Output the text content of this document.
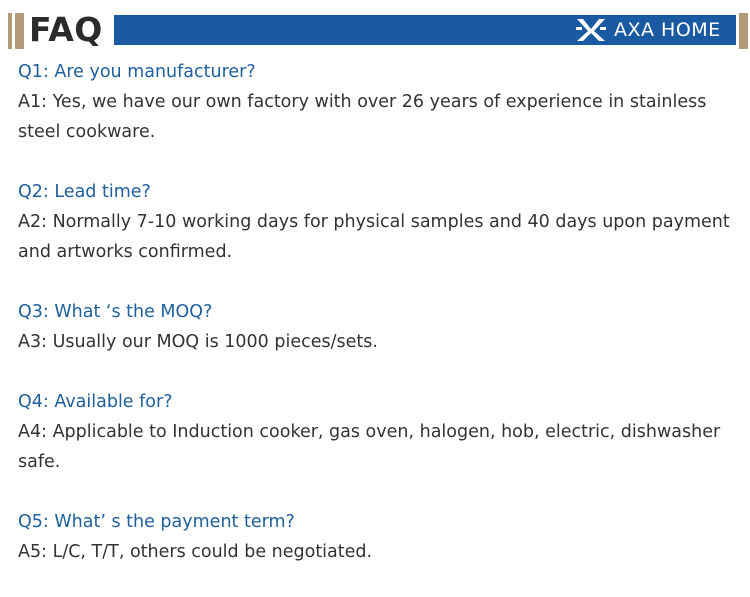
FAQ	AXA HOME
Q1: Are you manufacturer?
A1: Yes, we have our own factory with over 26 years of experience in stainless steel cookware.
Q2: Lead time?
A2: Normally 7-10 working days for physical samples and 40 days upon payment and artworks confirmed.
Q3: What ‘s the MOQ?
A3: Usually our MOQ is 1000 pieces/sets.
Q4: Available for?
A4: Applicable to Induction cooker, gas oven, halogen, hob, electric, dishwasher safe.
Q5: What’ s the payment term?
A5: L/C, T/T, others could be negotiated.
